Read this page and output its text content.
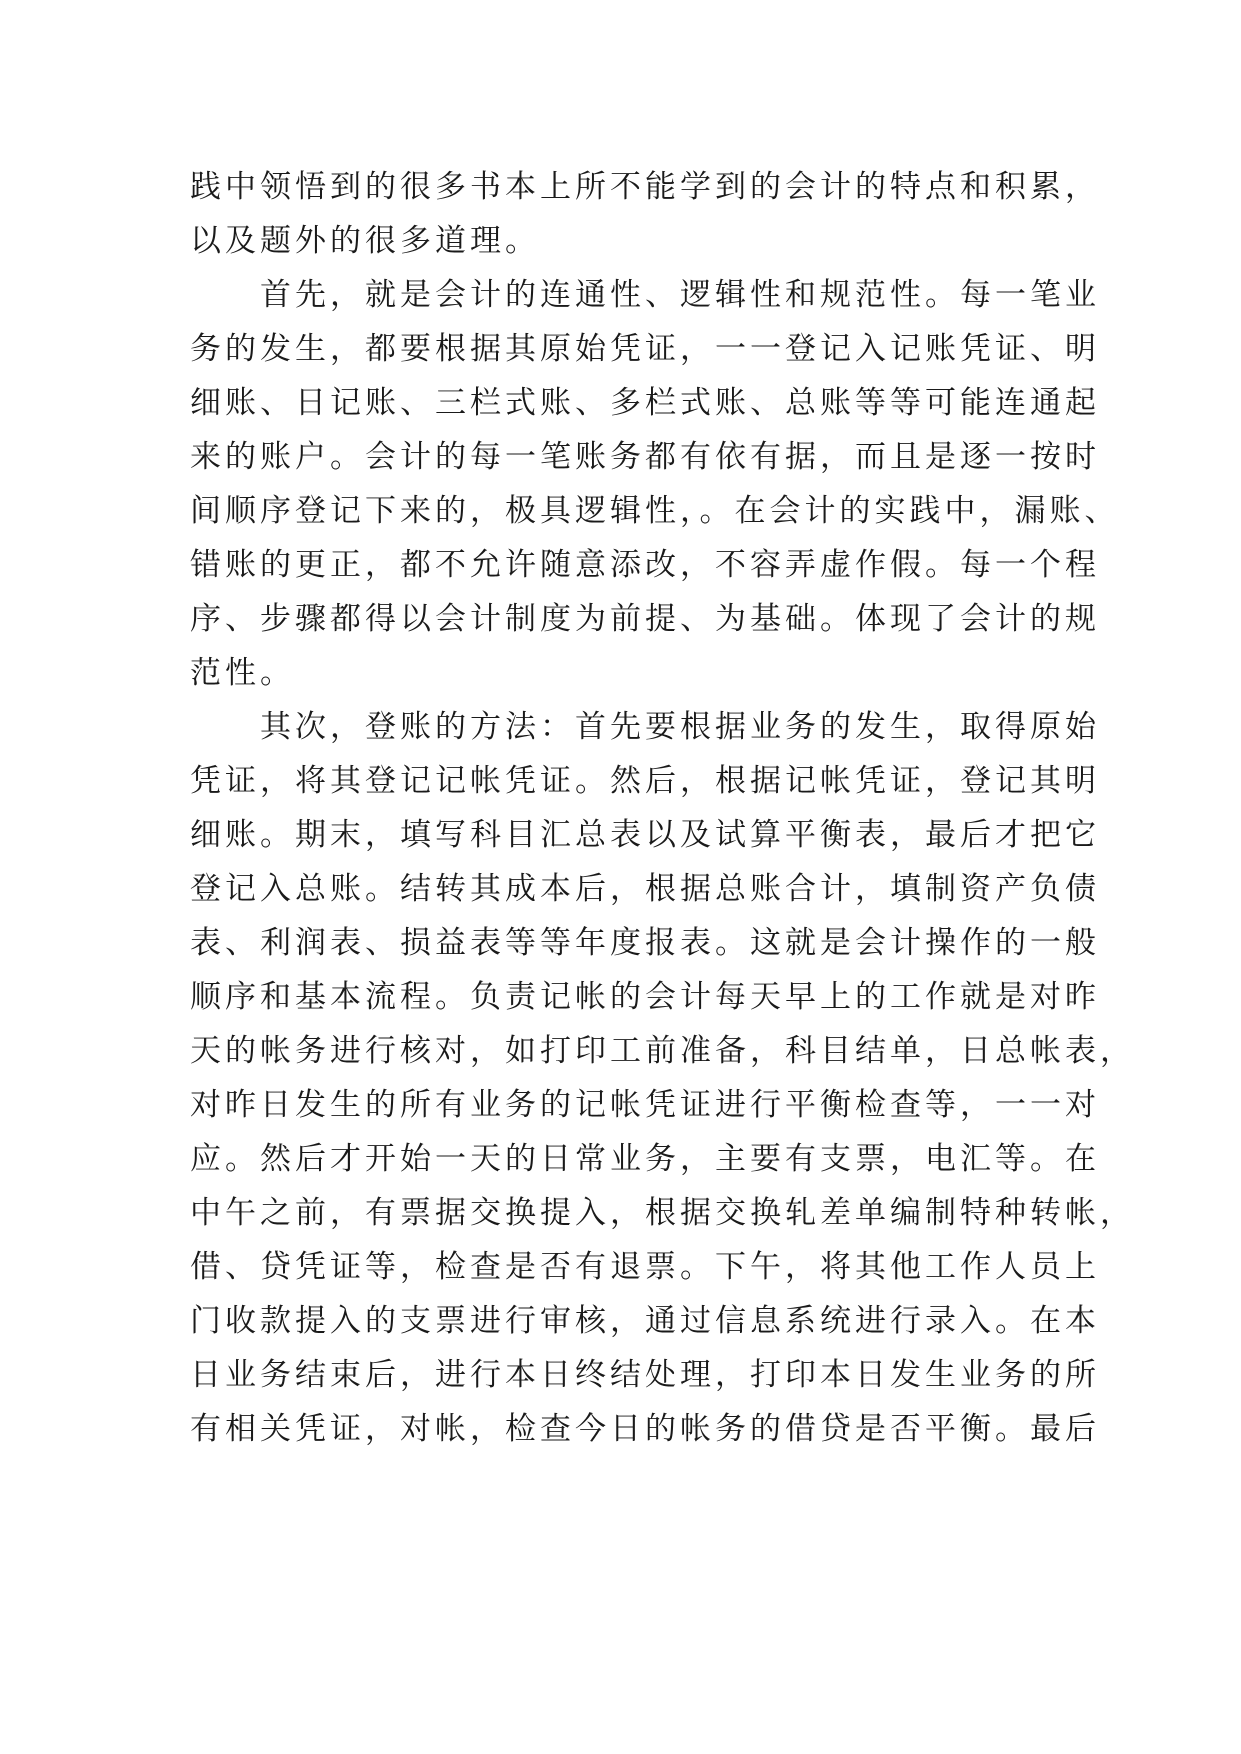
践中领悟到的很多书本上所不能学到的会计的特点和积累，
以及题外的很多道理。
首先，就是会计的连通性、逻辑性和规范性。每一笔业
务的发生，都要根据其原始凭证，一一登记入记账凭证、明
细账、日记账、三栏式账、多栏式账、总账等等可能连通起
来的账户。会计的每一笔账务都有依有据，而且是逐一按时
间顺序登记下来的，极具逻辑性，。在会计的实践中，漏账、
错账的更正，都不允许随意添改，不容弄虚作假。每一个程
序、步骤都得以会计制度为前提、为基础。体现了会计的规
范性。
其次，登账的方法：首先要根据业务的发生，取得原始
凭证，将其登记记帐凭证。然后，根据记帐凭证，登记其明
细账。期末，填写科目汇总表以及试算平衡表，最后才把它
登记入总账。结转其成本后，根据总账合计，填制资产负债
表、利润表、损益表等等年度报表。这就是会计操作的一般
顺序和基本流程。负责记帐的会计每天早上的工作就是对昨
天的帐务进行核对，如打印工前准备，科目结单，日总帐表，
对昨日发生的所有业务的记帐凭证进行平衡检查等，一一对
应。然后才开始一天的日常业务，主要有支票，电汇等。在
中午之前，有票据交换提入，根据交换轧差单编制特种转帐，
借、贷凭证等，检查是否有退票。下午，将其他工作人员上
门收款提入的支票进行审核，通过信息系统进行录入。在本
日业务结束后，进行本日终结处理，打印本日发生业务的所
有相关凭证，对帐，检查今日的帐务的借贷是否平衡。最后
